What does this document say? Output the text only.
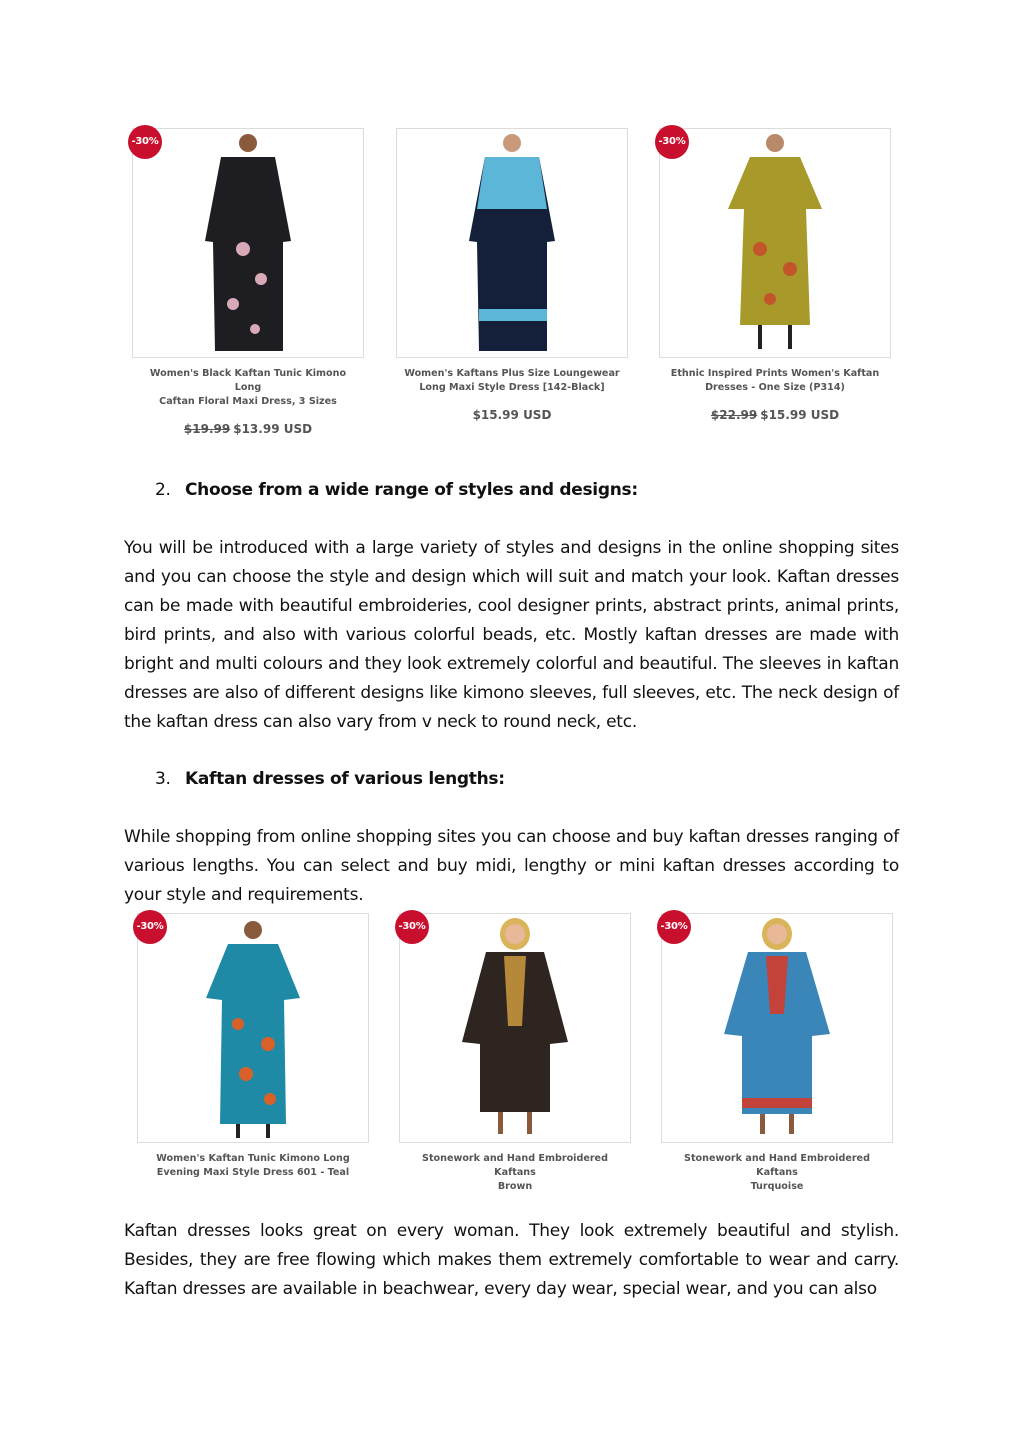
-30%
Women's Black Kaftan Tunic Kimono Long
Caftan Floral Maxi Dress, 3 Sizes
$19.99 $13.99 USD
Women's Kaftans Plus Size Loungewear
Long Maxi Style Dress [142-Black]
$15.99 USD
-30%
Ethnic Inspired Prints Women's Kaftan
Dresses - One Size (P314)
$22.99 $15.99 USD
2. Choose from a wide range of styles and designs:
You will be introduced with a large variety of styles and designs in the online shopping sites and you can choose the style and design which will suit and match your look. Kaftan dresses can be made with beautiful embroideries, cool designer prints, abstract prints, animal prints, bird prints, and also with various colorful beads, etc. Mostly kaftan dresses are made with bright and multi colours and they look extremely colorful and beautiful. The sleeves in kaftan dresses are also of different designs like kimono sleeves, full sleeves, etc. The neck design of the kaftan dress can also vary from v neck to round neck, etc.
3. Kaftan dresses of various lengths:
While shopping from online shopping sites you can choose and buy kaftan dresses ranging of various lengths. You can select and buy midi, lengthy or mini kaftan dresses according to your style and requirements.
-30%
Women's Kaftan Tunic Kimono Long
Evening Maxi Style Dress 601 - Teal
-30%
Stonework and Hand Embroidered Kaftans
Brown
-30%
Stonework and Hand Embroidered Kaftans
Turquoise
Kaftan dresses looks great on every woman. They look extremely beautiful and stylish. Besides, they are free flowing which makes them extremely comfortable to wear and carry. Kaftan dresses are available in beachwear, every day wear, special wear, and you can also
